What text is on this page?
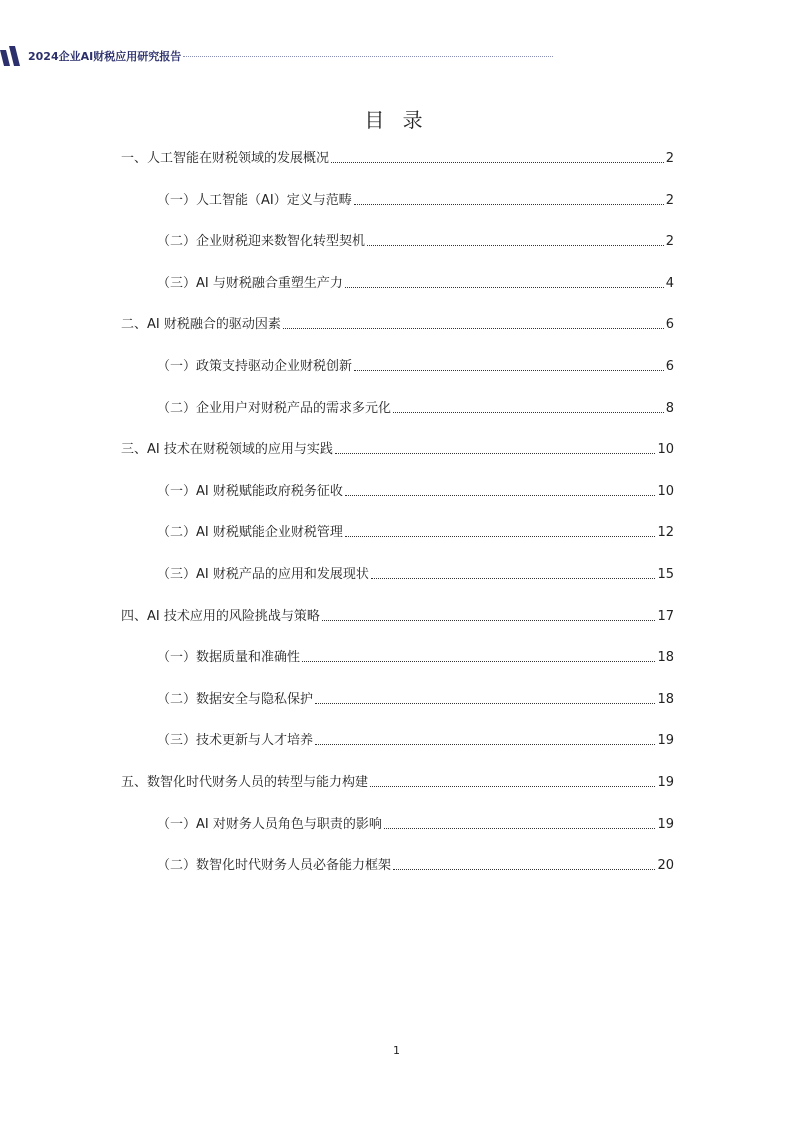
2024企业AI财税应用研究报告
目 录
一、人工智能在财税领域的发展概况	2
（一）人工智能（AI）定义与范畴	2
（二）企业财税迎来数智化转型契机	2
（三）AI 与财税融合重塑生产力	4
二、AI 财税融合的驱动因素	6
（一）政策支持驱动企业财税创新	6
（二）企业用户对财税产品的需求多元化	8
三、AI 技术在财税领域的应用与实践	10
（一）AI 财税赋能政府税务征收	10
（二）AI 财税赋能企业财税管理	12
（三）AI 财税产品的应用和发展现状	15
四、AI 技术应用的风险挑战与策略	17
（一）数据质量和准确性	18
（二）数据安全与隐私保护	18
（三）技术更新与人才培养	19
五、数智化时代财务人员的转型与能力构建	19
（一）AI 对财务人员角色与职责的影响	19
（二）数智化时代财务人员必备能力框架	20
1
